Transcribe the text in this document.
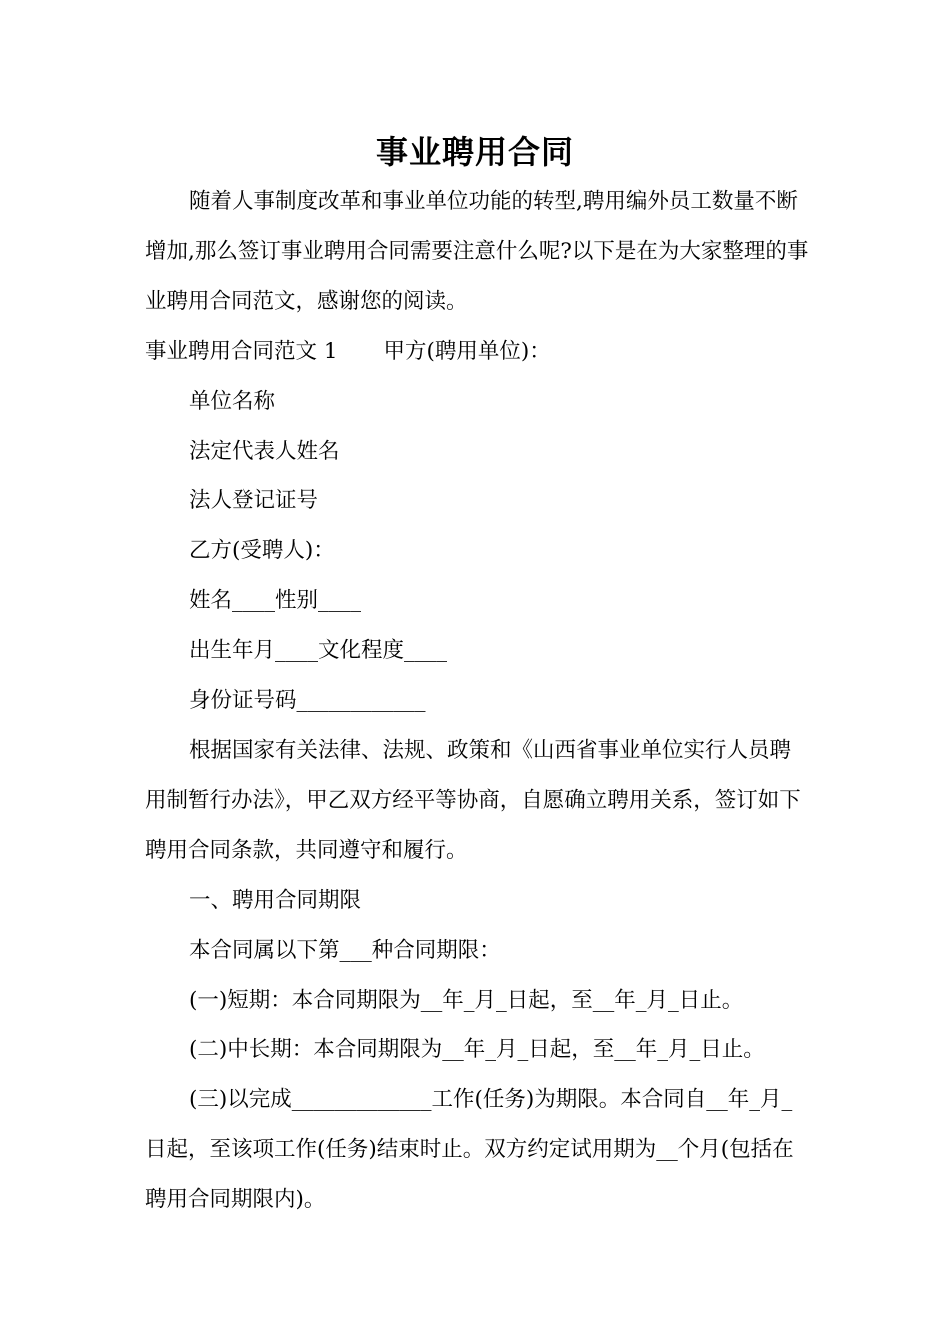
事业聘用合同

随着人事制度改革和事业单位功能的转型,聘用编外员工数量不断增加,那么签订事业聘用合同需要注意什么呢?以下是在为大家整理的事业聘用合同范文，感谢您的阅读。

事业聘用合同范文 1 甲方(聘用单位)：

单位名称

法定代表人姓名

法人登记证号

乙方(受聘人)：

姓名____性别____

出生年月____文化程度____

身份证号码____________

根据国家有关法律、法规、政策和《山西省事业单位实行人员聘用制暂行办法》，甲乙双方经平等协商，自愿确立聘用关系，签订如下聘用合同条款，共同遵守和履行。

一、聘用合同期限

本合同属以下第___种合同期限：

(一)短期：本合同期限为__年_月_日起，至__年_月_日止。

(二)中长期：本合同期限为__年_月_日起，至__年_月_日止。

(三)以完成_____________工作(任务)为期限。本合同自__年_月_日起，至该项工作(任务)结束时止。双方约定试用期为__个月(包括在聘用合同期限内)。
